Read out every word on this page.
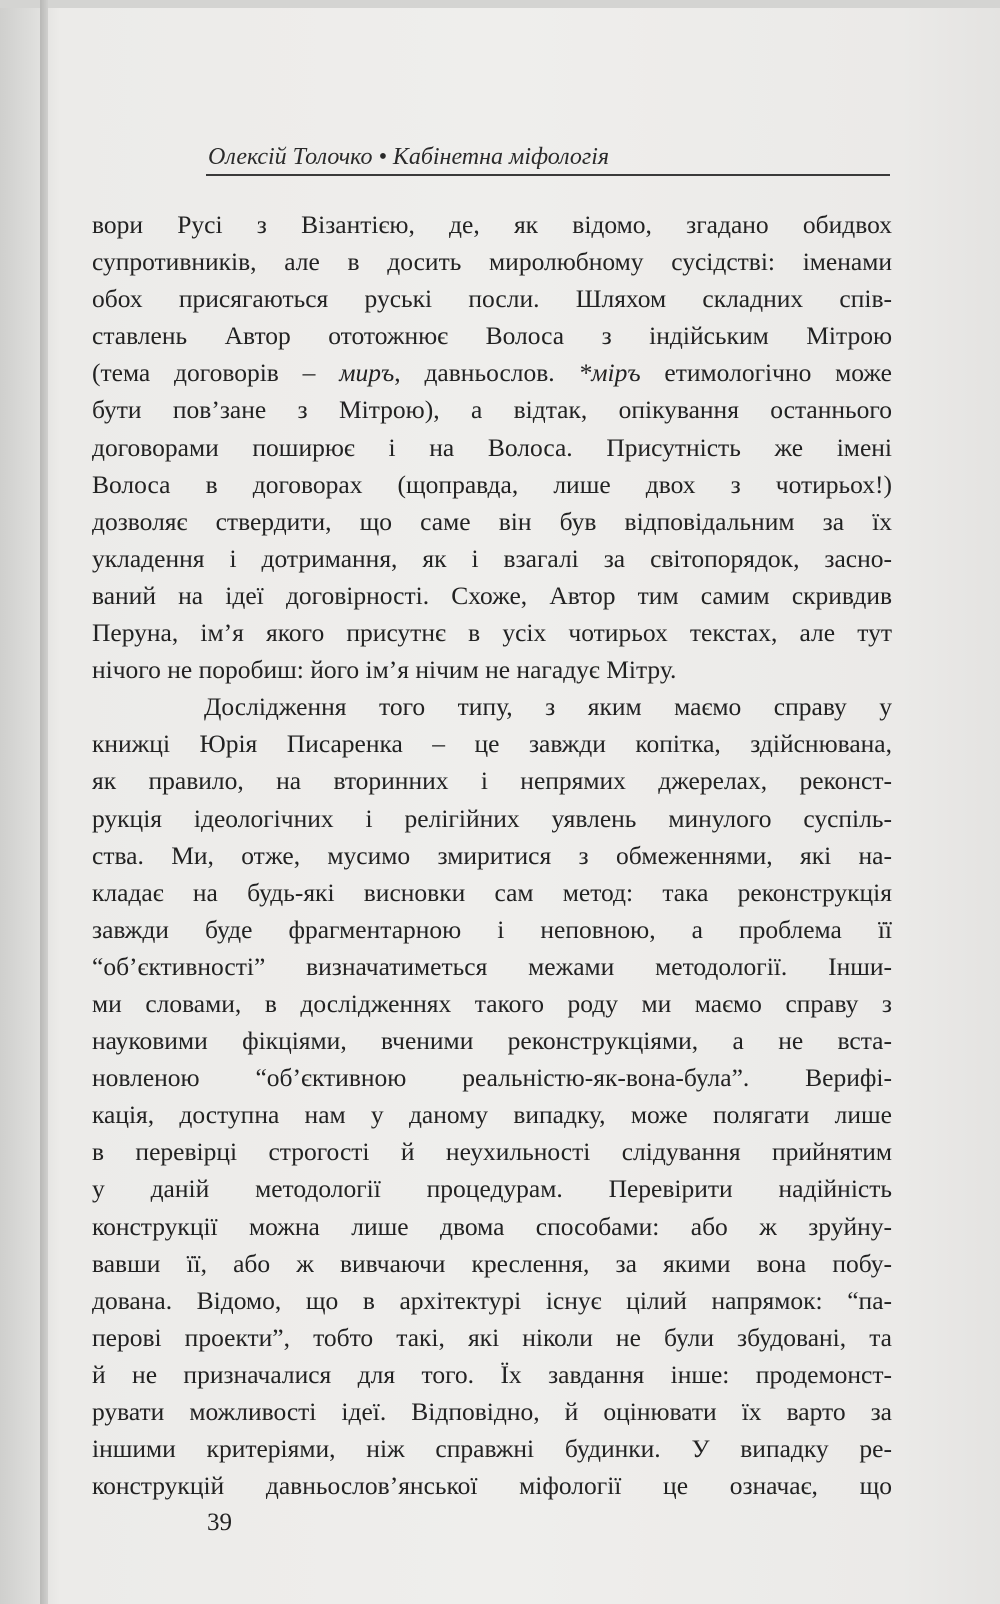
Олексій Толочко • Кабінетна міфологія
вори Русі з Візантією, де, як відомо, згадано обидвох
супротивників, але в досить миролюбному сусідстві: іменами
обох присягаються руські посли. Шляхом складних спів-
ставлень Автор ототожнює Волоса з індійським Мітрою
(тема договорів – миръ, давньослов. *міръ етимологічно може
бути пов’зане з Мітрою), а відтак, опікування останнього
договорами поширює і на Волоса. Присутність же імені
Волоса в договорах (щоправда, лише двох з чотирьох!)
дозволяє ствердити, що саме він був відповідальним за їх
укладення і дотримання, як і взагалі за світопорядок, засно-
ваний на ідеї договірності. Схоже, Автор тим самим скривдив
Перуна, ім’я якого присутнє в усіх чотирьох текстах, але тут
нічого не поробиш: його ім’я нічим не нагадує Мітру.
Дослідження того типу, з яким маємо справу у
книжці Юрія Писаренка – це завжди копітка, здійснювана,
як правило, на вторинних і непрямих джерелах, реконст-
рукція ідеологічних і релігійних уявлень минулого суспіль-
ства. Ми, отже, мусимо змиритися з обмеженнями, які на-
кладає на будь-які висновки сам метод: така реконструкція
завжди буде фрагментарною і неповною, а проблема її
“об’єктивності” визначатиметься межами методології. Інши-
ми словами, в дослідженнях такого роду ми маємо справу з
науковими фікціями, вченими реконструкціями, а не вста-
новленою “об’єктивною реальністю-як-вона-була”. Верифі-
кація, доступна нам у даному випадку, може полягати лише
в перевірці строгості й неухильності слідування прийнятим
у даній методології процедурам. Перевірити надійність
конструкції можна лише двома способами: або ж зруйну-
вавши її, або ж вивчаючи креслення, за якими вона побу-
дована. Відомо, що в архітектурі існує цілий напрямок: “па-
перові проекти”, тобто такі, які ніколи не були збудовані, та
й не призначалися для того. Їх завдання інше: продемонст-
рувати можливості ідеї. Відповідно, й оцінювати їх варто за
іншими критеріями, ніж справжні будинки. У випадку ре-
конструкцій давньослов’янської міфології це означає, що
39
